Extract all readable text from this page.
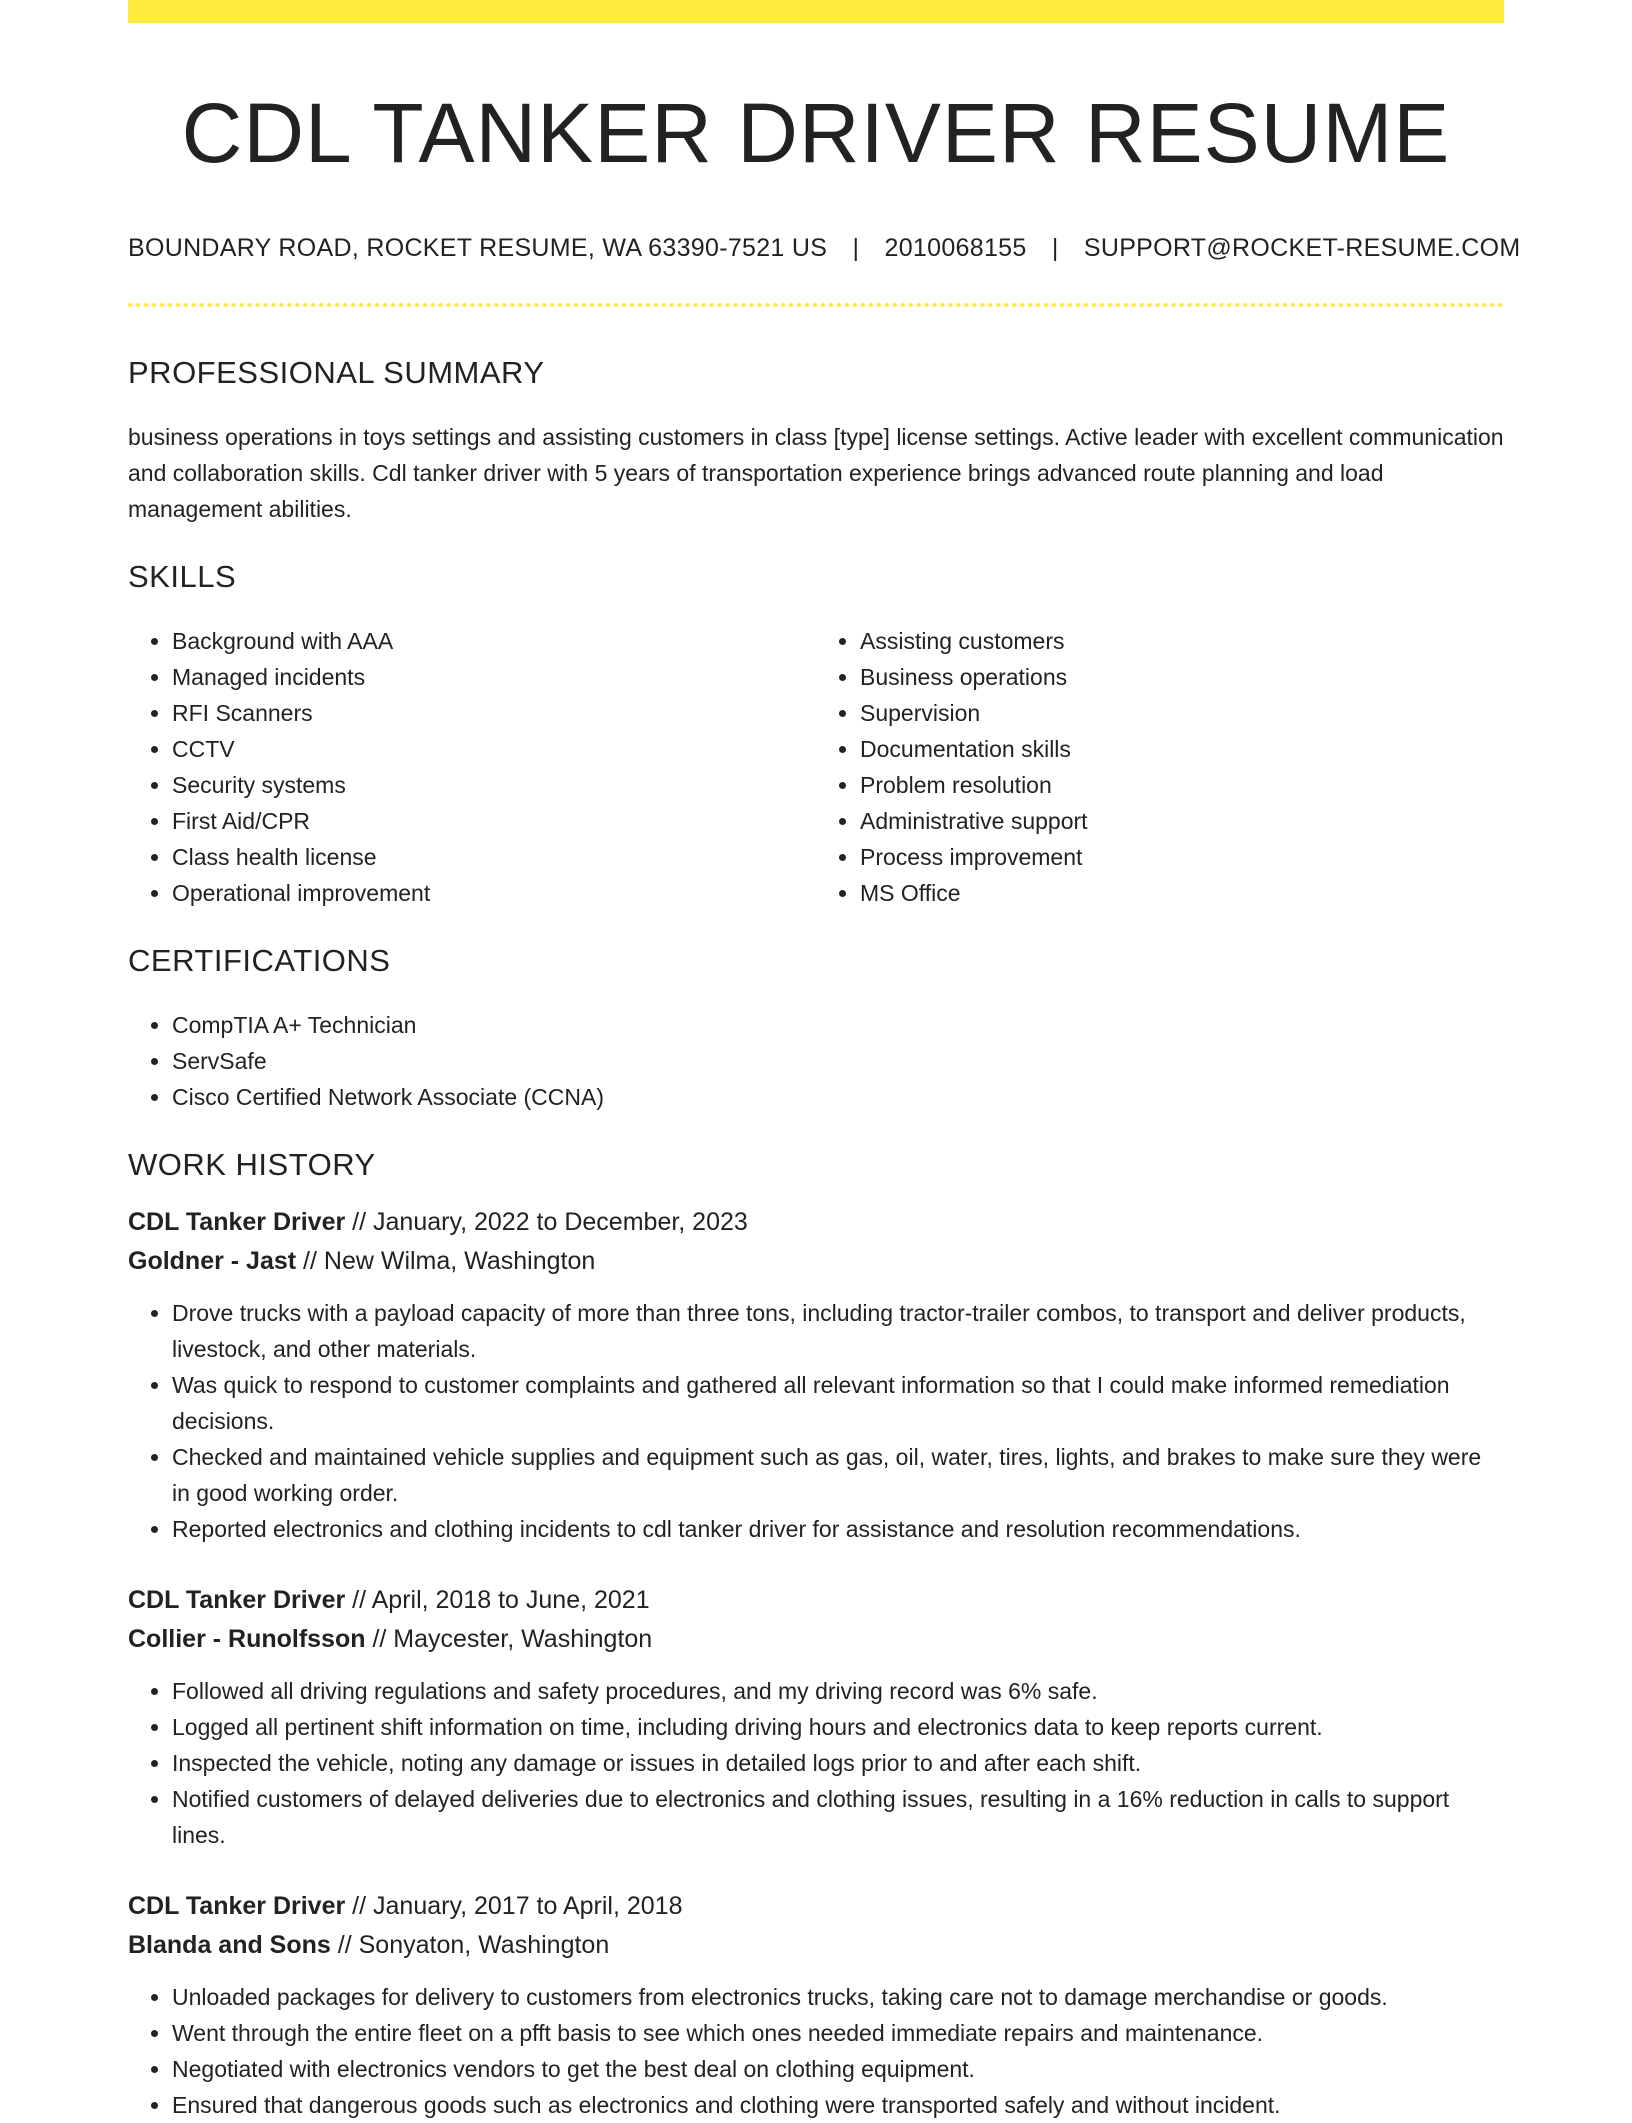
CDL TANKER DRIVER RESUME
BOUNDARY ROAD, ROCKET RESUME, WA 63390-7521 US | 2010068155 | SUPPORT@ROCKET-RESUME.COM
PROFESSIONAL SUMMARY

business operations in toys settings and assisting customers in class [type] license settings. Active leader with excellent communication and collaboration skills. Cdl tanker driver with 5 years of transportation experience brings advanced route planning and load management abilities.

SKILLS
• Background with AAA
• Managed incidents
• RFI Scanners
• CCTV
• Security systems
• First Aid/CPR
• Class health license
• Operational improvement
• Assisting customers
• Business operations
• Supervision
• Documentation skills
• Problem resolution
• Administrative support
• Process improvement
• MS Office
CERTIFICATIONS
• CompTIA A+ Technician
• ServSafe
• Cisco Certified Network Associate (CCNA)
WORK HISTORY
CDL Tanker Driver // January, 2022 to December, 2023
Goldner - Jast // New Wilma, Washington
• Drove trucks with a payload capacity of more than three tons, including tractor-trailer combos, to transport and deliver products, livestock, and other materials.
• Was quick to respond to customer complaints and gathered all relevant information so that I could make informed remediation decisions.
• Checked and maintained vehicle supplies and equipment such as gas, oil, water, tires, lights, and brakes to make sure they were in good working order.
• Reported electronics and clothing incidents to cdl tanker driver for assistance and resolution recommendations.
CDL Tanker Driver // April, 2018 to June, 2021
Collier - Runolfsson // Maycester, Washington
• Followed all driving regulations and safety procedures, and my driving record was 6% safe.
• Logged all pertinent shift information on time, including driving hours and electronics data to keep reports current.
• Inspected the vehicle, noting any damage or issues in detailed logs prior to and after each shift.
• Notified customers of delayed deliveries due to electronics and clothing issues, resulting in a 16% reduction in calls to support lines.
CDL Tanker Driver // January, 2017 to April, 2018
Blanda and Sons // Sonyaton, Washington
• Unloaded packages for delivery to customers from electronics trucks, taking care not to damage merchandise or goods.
• Went through the entire fleet on a pfft basis to see which ones needed immediate repairs and maintenance.
• Negotiated with electronics vendors to get the best deal on clothing equipment.
• Ensured that dangerous goods such as electronics and clothing were transported safely and without incident.
